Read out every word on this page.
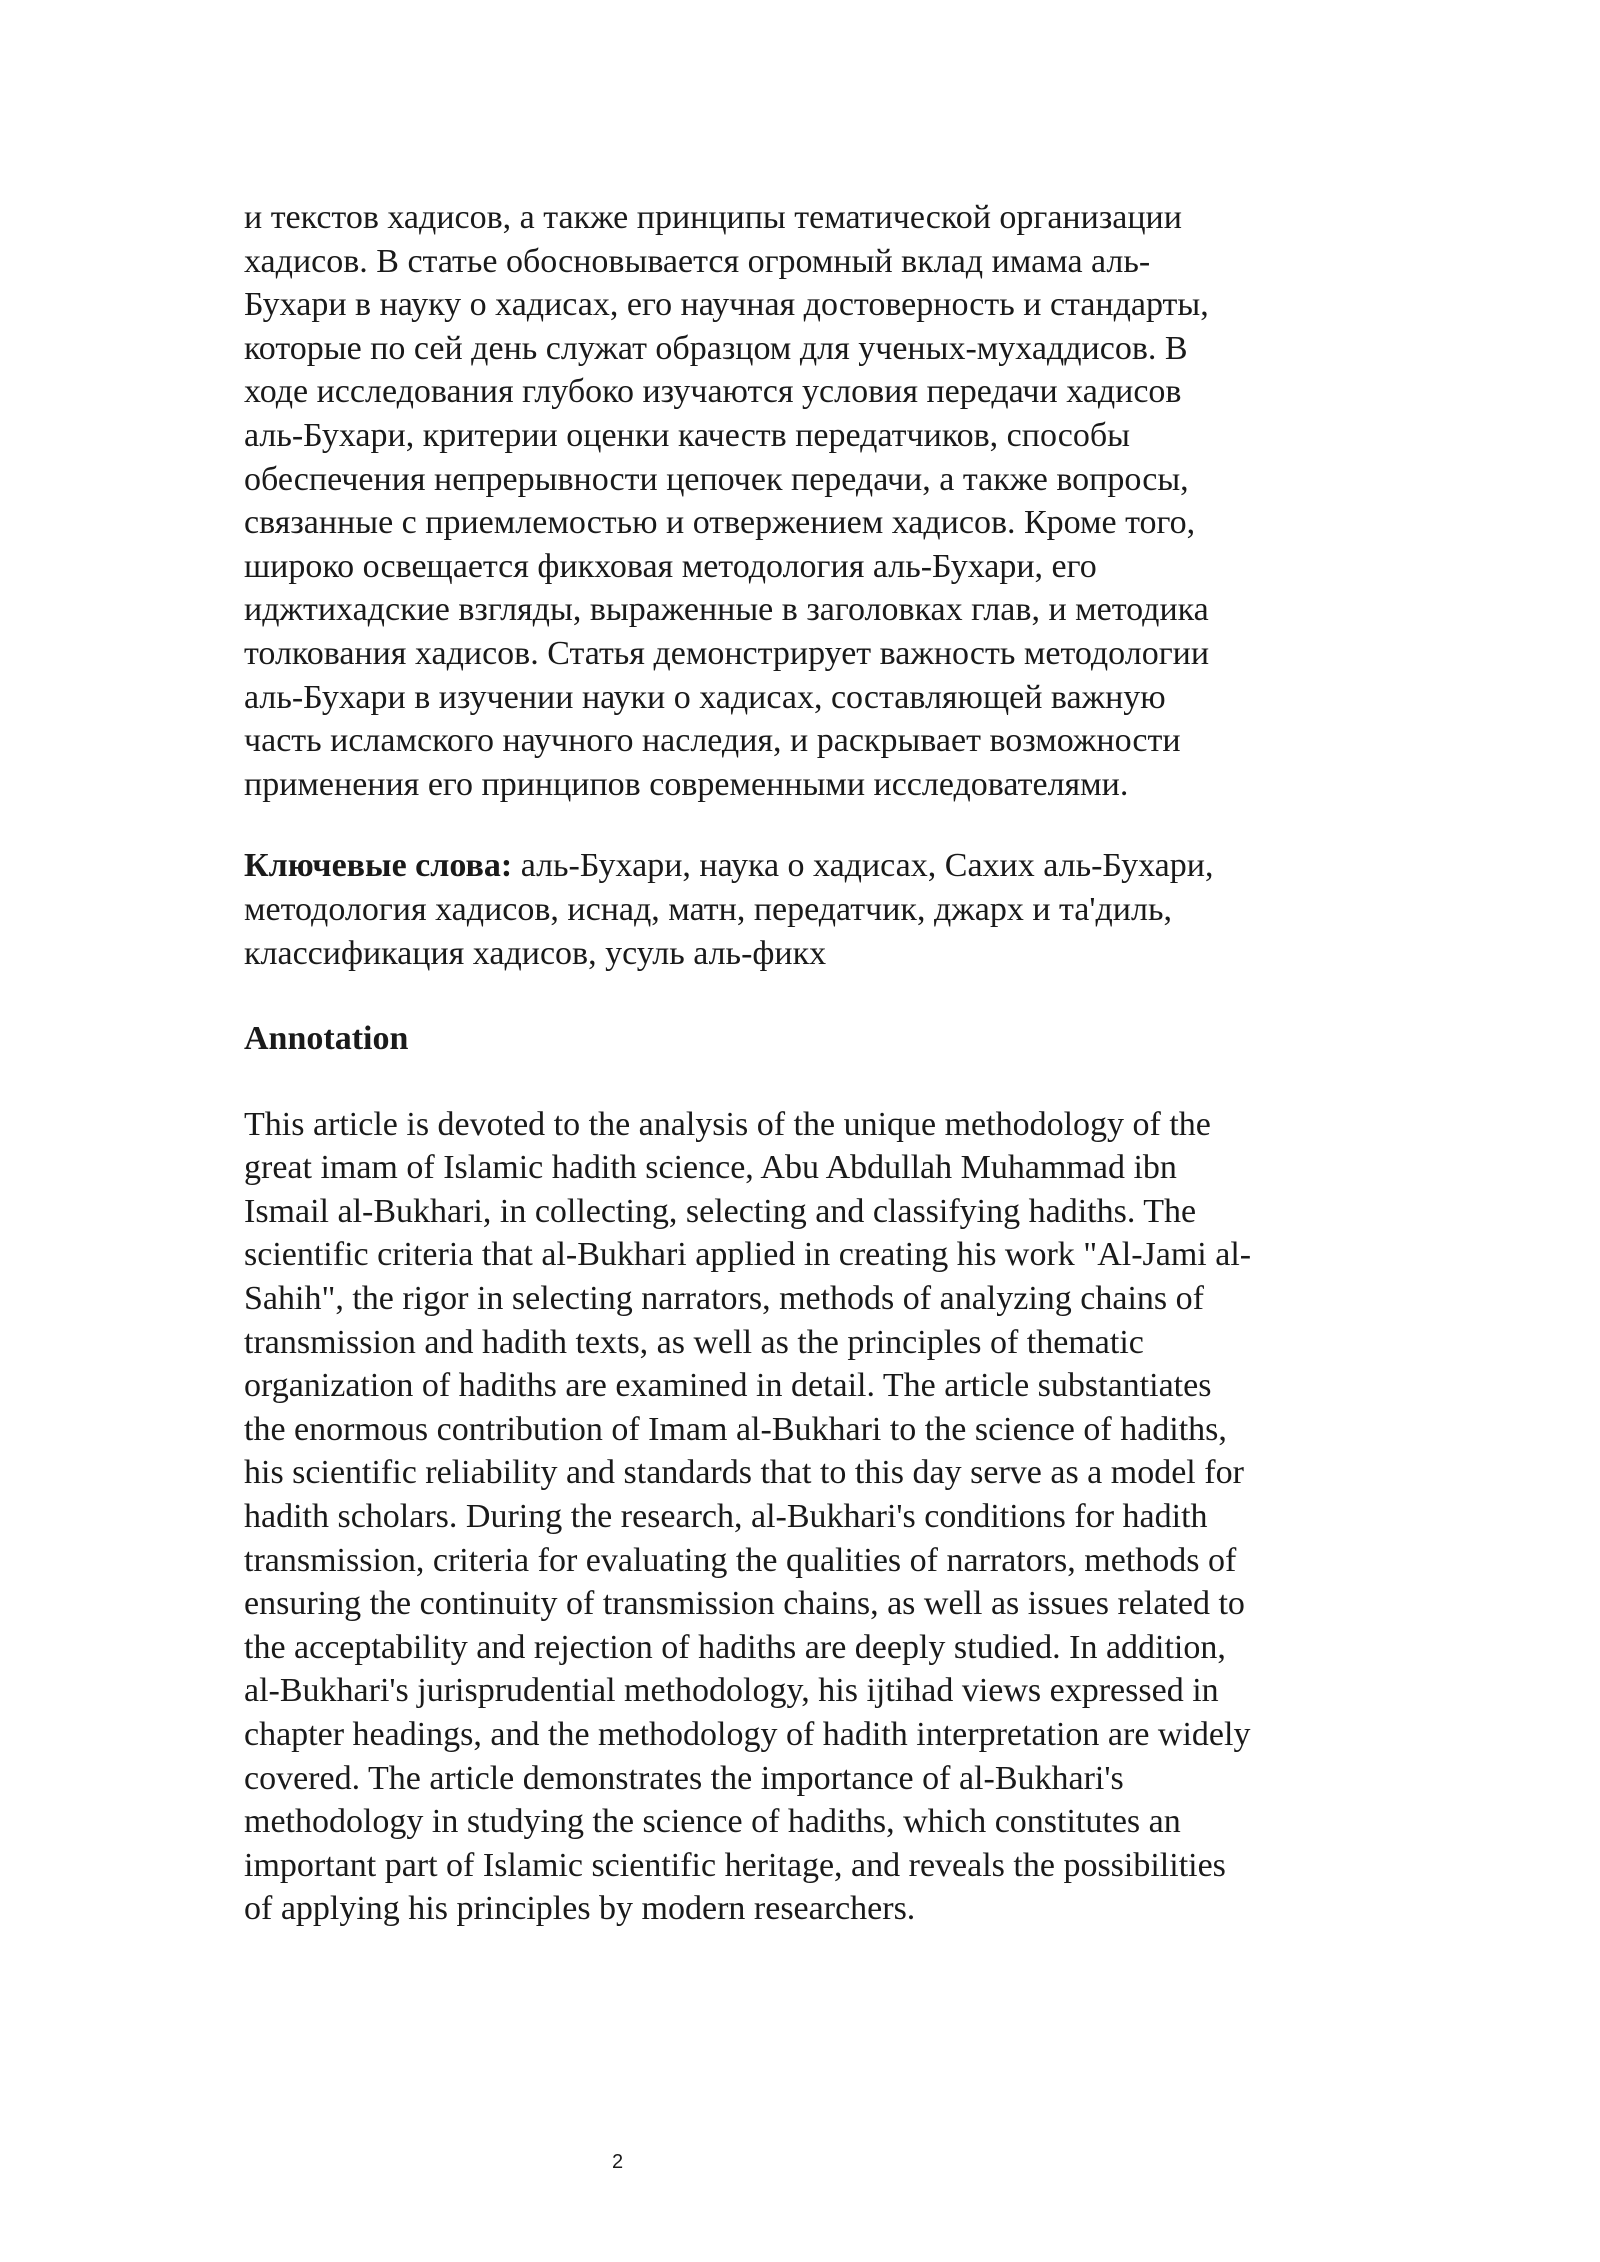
и текстов хадисов, а также принципы тематической организации
хадисов. В статье обосновывается огромный вклад имама аль-
Бухари в науку о хадисах, его научная достоверность и стандарты,
которые по сей день служат образцом для ученых-мухаддисов. В
ходе исследования глубоко изучаются условия передачи хадисов
аль-Бухари, критерии оценки качеств передатчиков, способы
обеспечения непрерывности цепочек передачи, а также вопросы,
связанные с приемлемостью и отвержением хадисов. Кроме того,
широко освещается фикховая методология аль-Бухари, его
иджтихадские взгляды, выраженные в заголовках глав, и методика
толкования хадисов. Статья демонстрирует важность методологии
аль-Бухари в изучении науки о хадисах, составляющей важную
часть исламского научного наследия, и раскрывает возможности
применения его принципов современными исследователями.

Ключевые слова: аль-Бухари, наука о хадисах, Сахих аль-Бухари,
методология хадисов, иснад, матн, передатчик, джарх и та'диль,
классификация хадисов, усуль аль-фикх

Annotation

This article is devoted to the analysis of the unique methodology of the
great imam of Islamic hadith science, Abu Abdullah Muhammad ibn
Ismail al-Bukhari, in collecting, selecting and classifying hadiths. The
scientific criteria that al-Bukhari applied in creating his work "Al-Jami al-
Sahih", the rigor in selecting narrators, methods of analyzing chains of
transmission and hadith texts, as well as the principles of thematic
organization of hadiths are examined in detail. The article substantiates
the enormous contribution of Imam al-Bukhari to the science of hadiths,
his scientific reliability and standards that to this day serve as a model for
hadith scholars. During the research, al-Bukhari's conditions for hadith
transmission, criteria for evaluating the qualities of narrators, methods of
ensuring the continuity of transmission chains, as well as issues related to
the acceptability and rejection of hadiths are deeply studied. In addition,
al-Bukhari's jurisprudential methodology, his ijtihad views expressed in
chapter headings, and the methodology of hadith interpretation are widely
covered. The article demonstrates the importance of al-Bukhari's
methodology in studying the science of hadiths, which constitutes an
important part of Islamic scientific heritage, and reveals the possibilities
of applying his principles by modern researchers.

2
